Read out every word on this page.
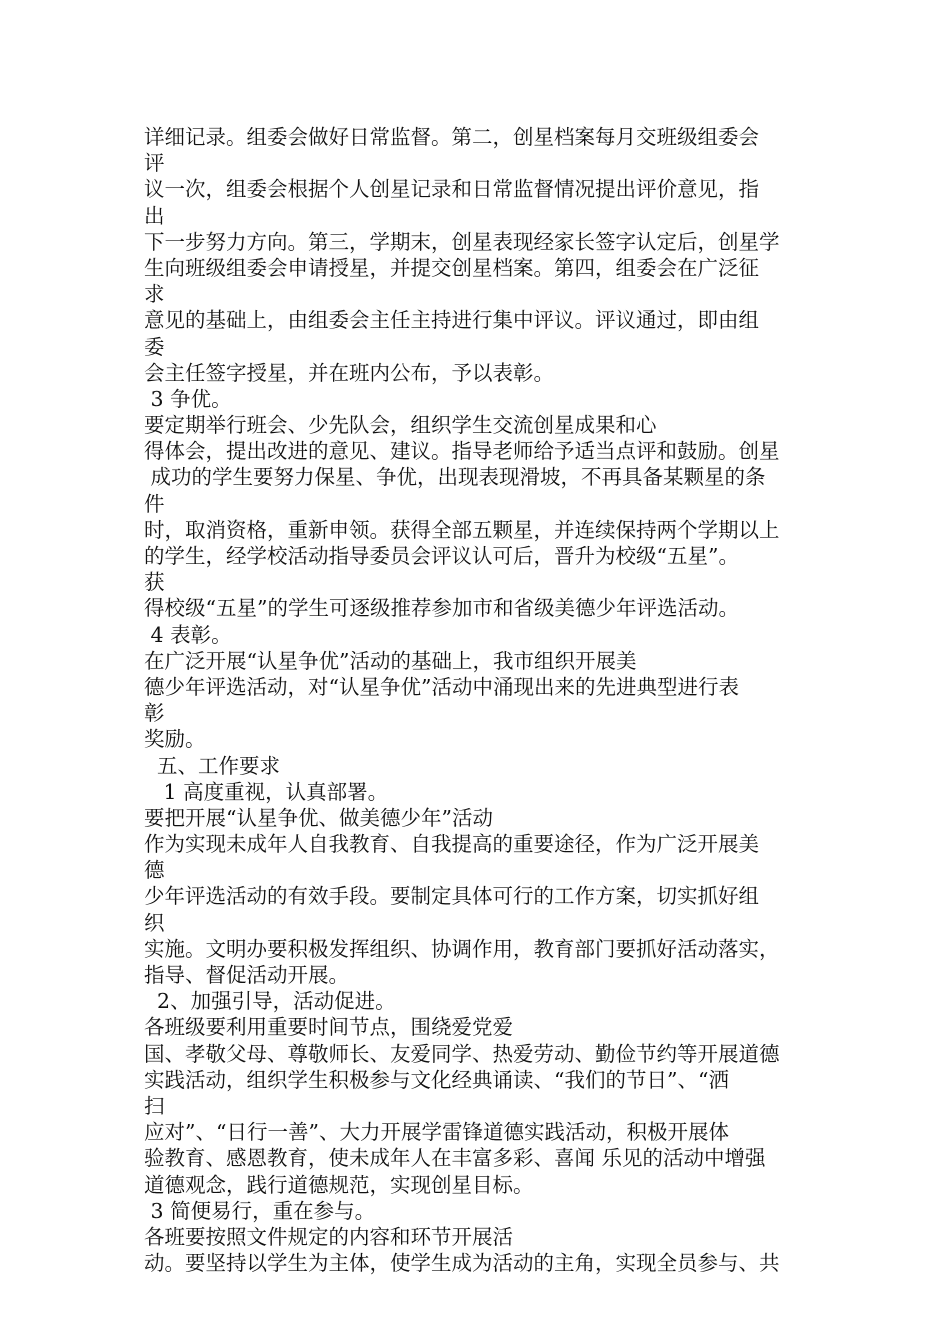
详细记录。组委会做好日常监督。第二，创星档案每月交班级组委会
评
议一次，组委会根据个人创星记录和日常监督情况提出评价意见，指
出
下一步努力方向。第三，学期末，创星表现经家长签字认定后，创星学
生向班级组委会申请授星，并提交创星档案。第四，组委会在广泛征
求
意见的基础上，由组委会主任主持进行集中评议。评议通过，即由组
委
会主任签字授星，并在班内公布，予以表彰。
3 争优。
要定期举行班会、少先队会，组织学生交流创星成果和心
得体会，提出改进的意见、建议。指导老师给予适当点评和鼓励。创星
成功的学生要努力保星、争优，出现表现滑坡，不再具备某颗星的条
件
时，取消资格，重新申领。获得全部五颗星，并连续保持两个学期以上
的学生，经学校活动指导委员会评议认可后，晋升为校级“五星”。
获
得校级“五星”的学生可逐级推荐参加市和省级美德少年评选活动。
4 表彰。
在广泛开展“认星争优”活动的基础上，我市组织开展美
德少年评选活动，对“认星争优”活动中涌现出来的先进典型进行表
彰
奖励。
五、工作要求
1 高度重视，认真部署。
要把开展“认星争优、做美德少年”活动
作为实现未成年人自我教育、自我提高的重要途径，作为广泛开展美
德
少年评选活动的有效手段。要制定具体可行的工作方案，切实抓好组
织
实施。文明办要积极发挥组织、协调作用，教育部门要抓好活动落实，
指导、督促活动开展。
2、加强引导，活动促进。
各班级要利用重要时间节点，围绕爱党爱
国、孝敬父母、尊敬师长、友爱同学、热爱劳动、勤俭节约等开展道德
实践活动，组织学生积极参与文化经典诵读、“我们的节日”、“洒
扫
应对”、“日行一善”、大力开展学雷锋道德实践活动，积极开展体
验教育、感恩教育，使未成年人在丰富多彩、喜闻 乐见的活动中增强
道德观念，践行道德规范，实现创星目标。
3 简便易行，重在参与。
各班要按照文件规定的内容和环节开展活
动。要坚持以学生为主体，使学生成为活动的主角，实现全员参与、共
